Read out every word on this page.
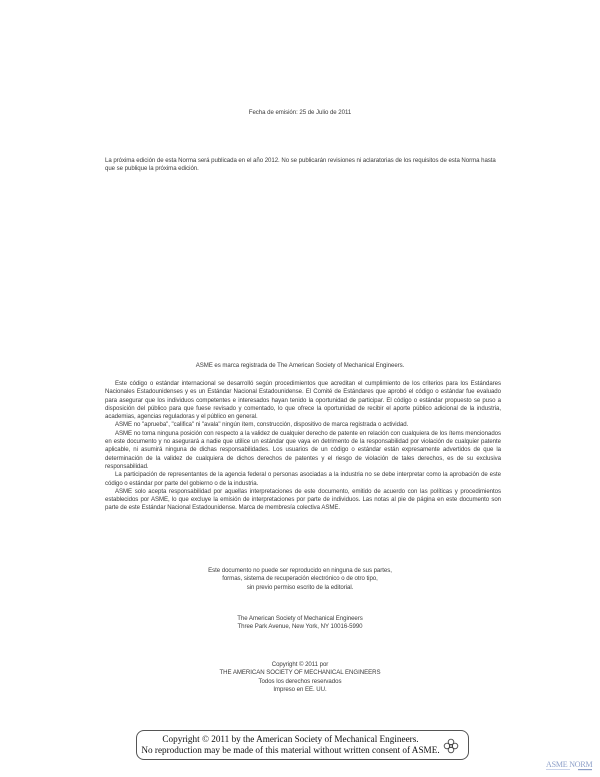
Fecha de emisión: 25 de Julio de 2011
La próxima edición de esta Norma será publicada en el año 2012. No se publicarán revisiones ni aclaratorias de los requisitos de esta Norma hasta que se publique la próxima edición.
ASME es marca registrada de The American Society of Mechanical Engineers.

Este código o estándar internacional se desarrolló según procedimientos que acreditan el cumplimiento de los criterios para los Estándares Nacionales Estadounidenses y es un Estándar Nacional Estadounidense. El Comité de Estándares que aprobó el código o estándar fue evaluado para asegurar que los individuos competentes e interesados hayan tenido la oportunidad de participar. El código o estándar propuesto se puso a disposición del público para que fuese revisado y comentado, lo que ofrece la oportunidad de recibir el aporte público adicional de la industria, academias, agencias reguladoras y el público en general.

ASME no "aprueba", "califica" ni "avala" ningún ítem, construcción, dispositivo de marca registrada o actividad.

ASME no toma ninguna posición con respecto a la validez de cualquier derecho de patente en relación con cualquiera de los ítems mencionados en este documento y no asegurará a nadie que utilice un estándar que vaya en detrimento de la responsabilidad por violación de cualquier patente aplicable, ni asumirá ninguna de dichas responsabilidades. Los usuarios de un código o estándar están expresamente advertidos de que la determinación de la validez de cualquiera de dichos derechos de patentes y el riesgo de violación de tales derechos, es de su exclusiva responsabilidad.

La participación de representantes de la agencia federal o personas asociadas a la industria no se debe interpretar como la aprobación de este código o estándar por parte del gobierno o de la industria.

ASME solo acepta responsabilidad por aquellas interpretaciones de este documento, emitido de acuerdo con las políticas y procedimientos establecidos por ASME, lo que excluye la emisión de interpretaciones por parte de individuos. Las notas al pie de página en este documento son parte de este Estándar Nacional Estadounidense. Marca de membresía colectiva ASME.

Este documento no puede ser reproducido en ninguna de sus partes,
formas, sistema de recuperación electrónico o de otro tipo,
sin previo permiso escrito de la editorial.
The American Society of Mechanical Engineers
Three Park Avenue, New York, NY 10016-5990
Copyright © 2011 por
THE AMERICAN SOCIETY OF MECHANICAL ENGINEERS
Todos los derechos reservados
Impreso en EE. UU.
Copyright © 2011 by the American Society of Mechanical Engineers.
No reproduction may be made of this material without written consent of ASME.
ASME NORM
